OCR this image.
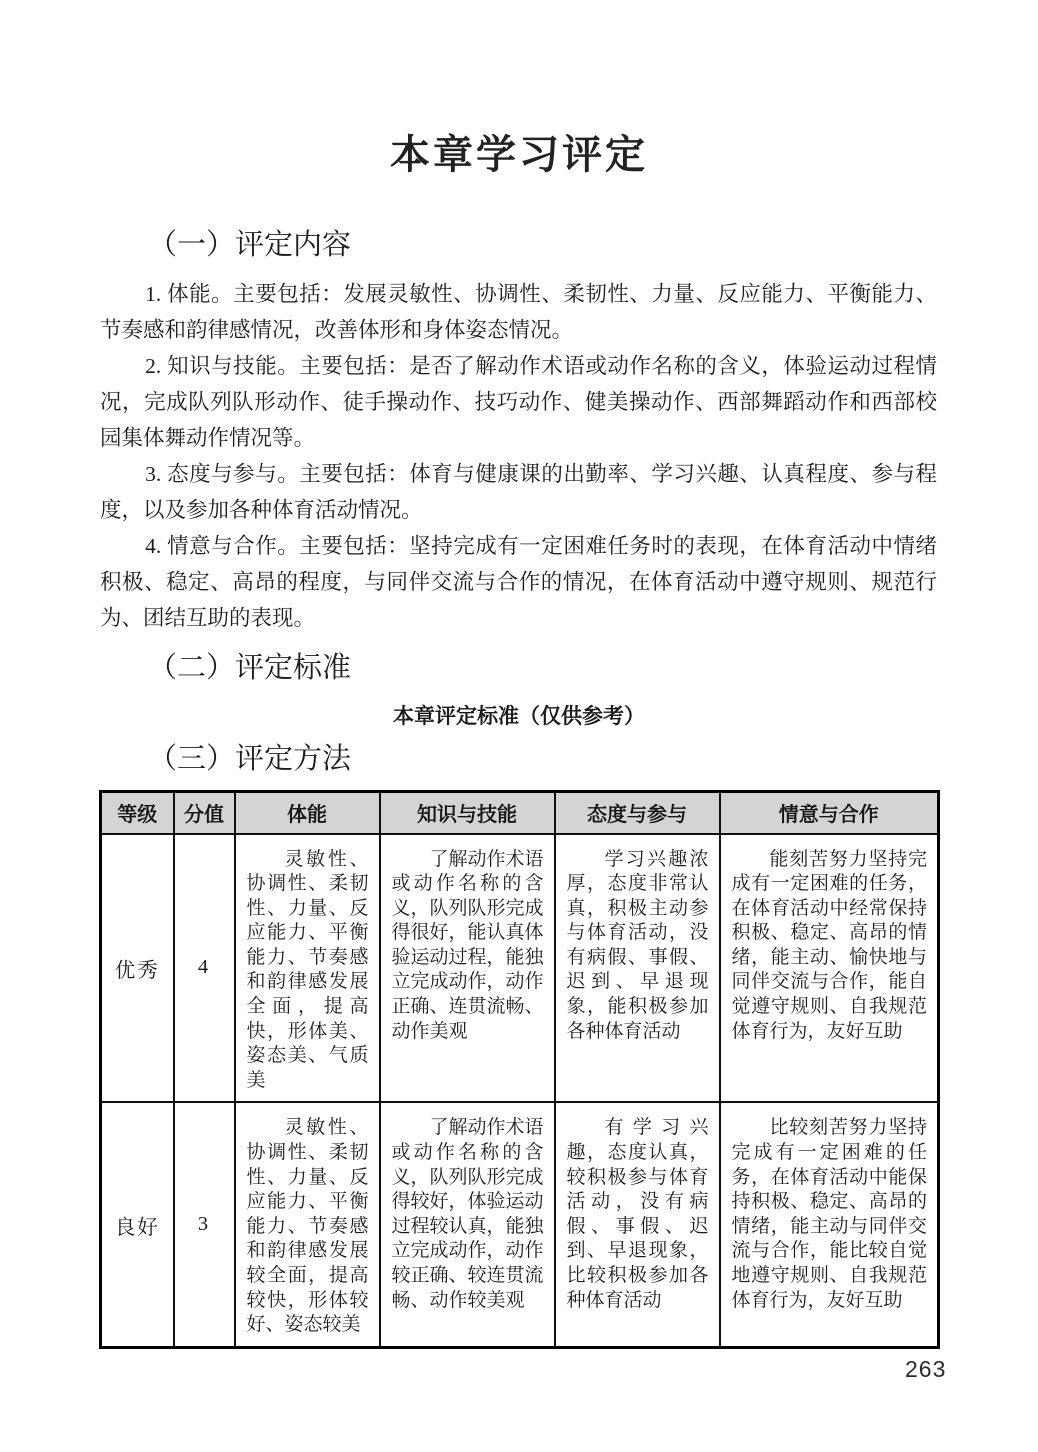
本章学习评定
（一）评定内容

1. 体能。主要包括：发展灵敏性、协调性、柔韧性、力量、反应能力、平衡能力、节奏感和韵律感情况，改善体形和身体姿态情况。

2. 知识与技能。主要包括：是否了解动作术语或动作名称的含义，体验运动过程情况，完成队列队形动作、徒手操动作、技巧动作、健美操动作、西部舞蹈动作和西部校园集体舞动作情况等。

3. 态度与参与。主要包括：体育与健康课的出勤率、学习兴趣、认真程度、参与程度，以及参加各种体育活动情况。

4. 情意与合作。主要包括：坚持完成有一定困难任务时的表现，在体育活动中情绪积极、稳定、高昂的程度，与同伴交流与合作的情况，在体育活动中遵守规则、规范行为、团结互助的表现。

（二）评定标准
本章评定标准（仅供参考）
（三）评定方法
等级	分值	体能	知识与技能	态度与参与	情意与合作
优秀	4	灵敏性、协调性、柔韧性、力量、反应能力、平衡能力、节奏感和韵律感发展全面，提高快，形体美、姿态美、气质美	了解动作术语或动作名称的含义，队列队形完成得很好，能认真体验运动过程，能独立完成动作，动作正确、连贯流畅、动作美观	学习兴趣浓厚，态度非常认真，积极主动参与体育活动，没有病假、事假、迟到、早退现象，能积极参加各种体育活动	能刻苦努力坚持完成有一定困难的任务，在体育活动中经常保持积极、稳定、高昂的情绪，能主动、愉快地与同伴交流与合作，能自觉遵守规则、自我规范体育行为，友好互助
良好	3	灵敏性、协调性、柔韧性、力量、反应能力、平衡能力、节奏感和韵律感发展较全面，提高较快，形体较好、姿态较美	了解动作术语或动作名称的含义，队列队形完成得较好，体验运动过程较认真，能独立完成动作，动作较正确、较连贯流畅、动作较美观	有学习兴趣，态度认真，较积极参与体育活动，没有病假、事假、迟到、早退现象，比较积极参加各种体育活动	比较刻苦努力坚持完成有一定困难的任务，在体育活动中能保持积极、稳定、高昂的情绪，能主动与同伴交流与合作，能比较自觉地遵守规则、自我规范体育行为，友好互助
263
